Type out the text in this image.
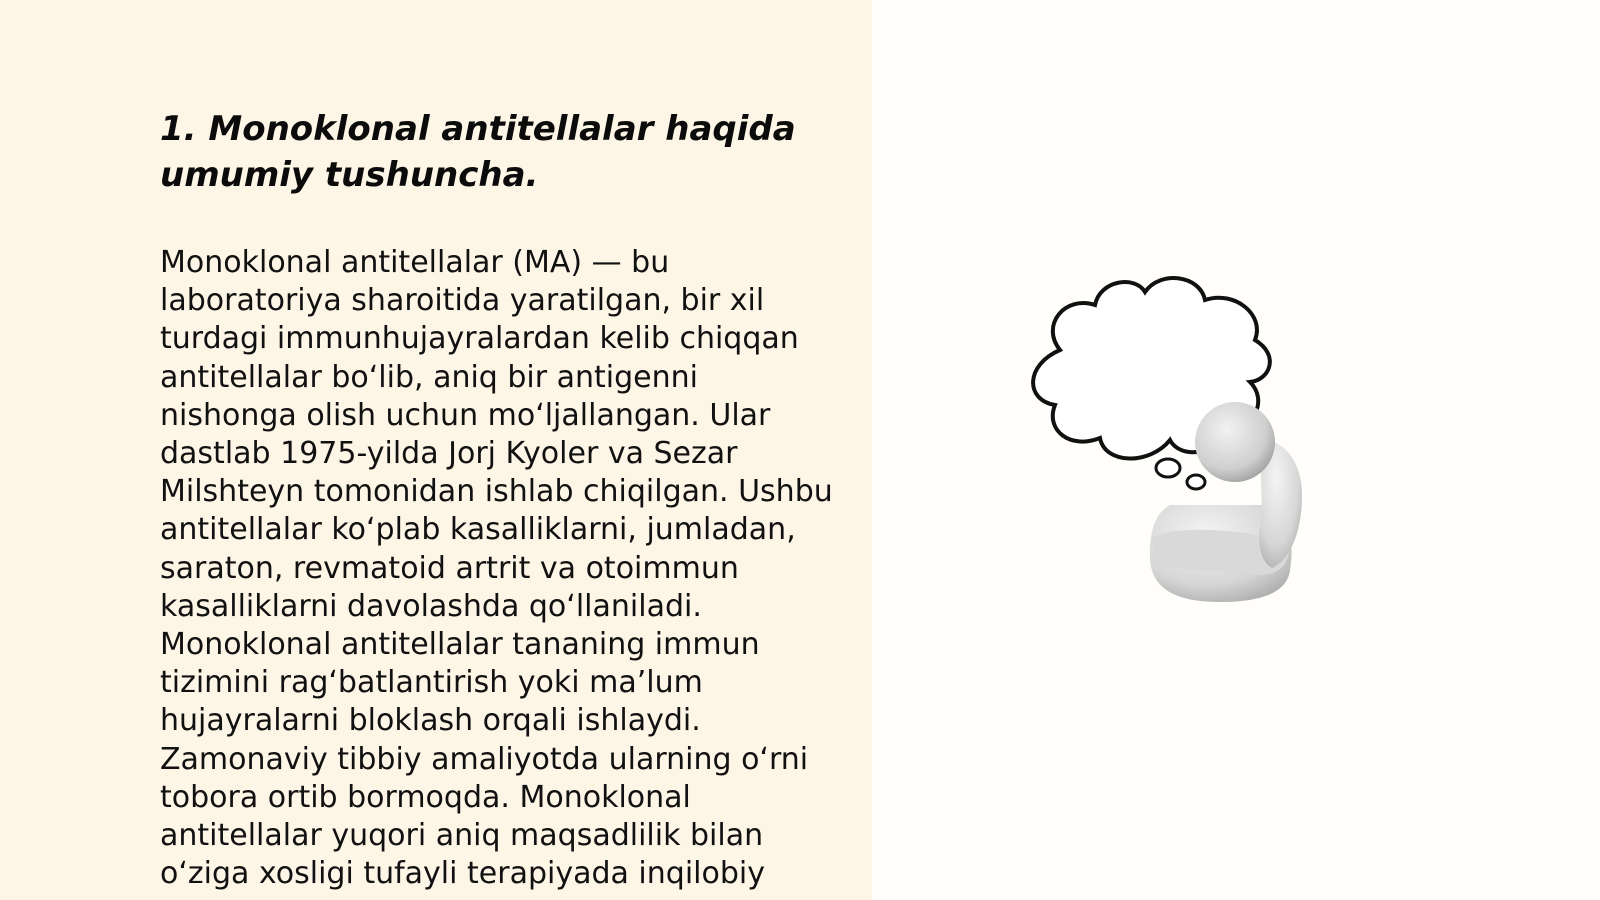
1. Monoklonal antitellalar haqida
umumiy tushuncha.

Monoklonal antitellalar (MA) — bu
laboratoriya sharoitida yaratilgan, bir xil
turdagi immunhujayralardan kelib chiqqan
antitellalar bo‘lib, aniq bir antigenni
nishonga olish uchun mo‘ljallangan. Ular
dastlab 1975-yilda Jorj Kyoler va Sezar
Milshteyn tomonidan ishlab chiqilgan. Ushbu
antitellalar ko‘plab kasalliklarni, jumladan,
saraton, revmatoid artrit va otoimmun
kasalliklarni davolashda qo‘llaniladi.
Monoklonal antitellalar tananing immun
tizimini rag‘batlantirish yoki ma’lum
hujayralarni bloklash orqali ishlaydi.
Zamonaviy tibbiy amaliyotda ularning o‘rni
tobora ortib bormoqda. Monoklonal
antitellalar yuqori aniq maqsadlilik bilan
o‘ziga xosligi tufayli terapiyada inqilobiy
